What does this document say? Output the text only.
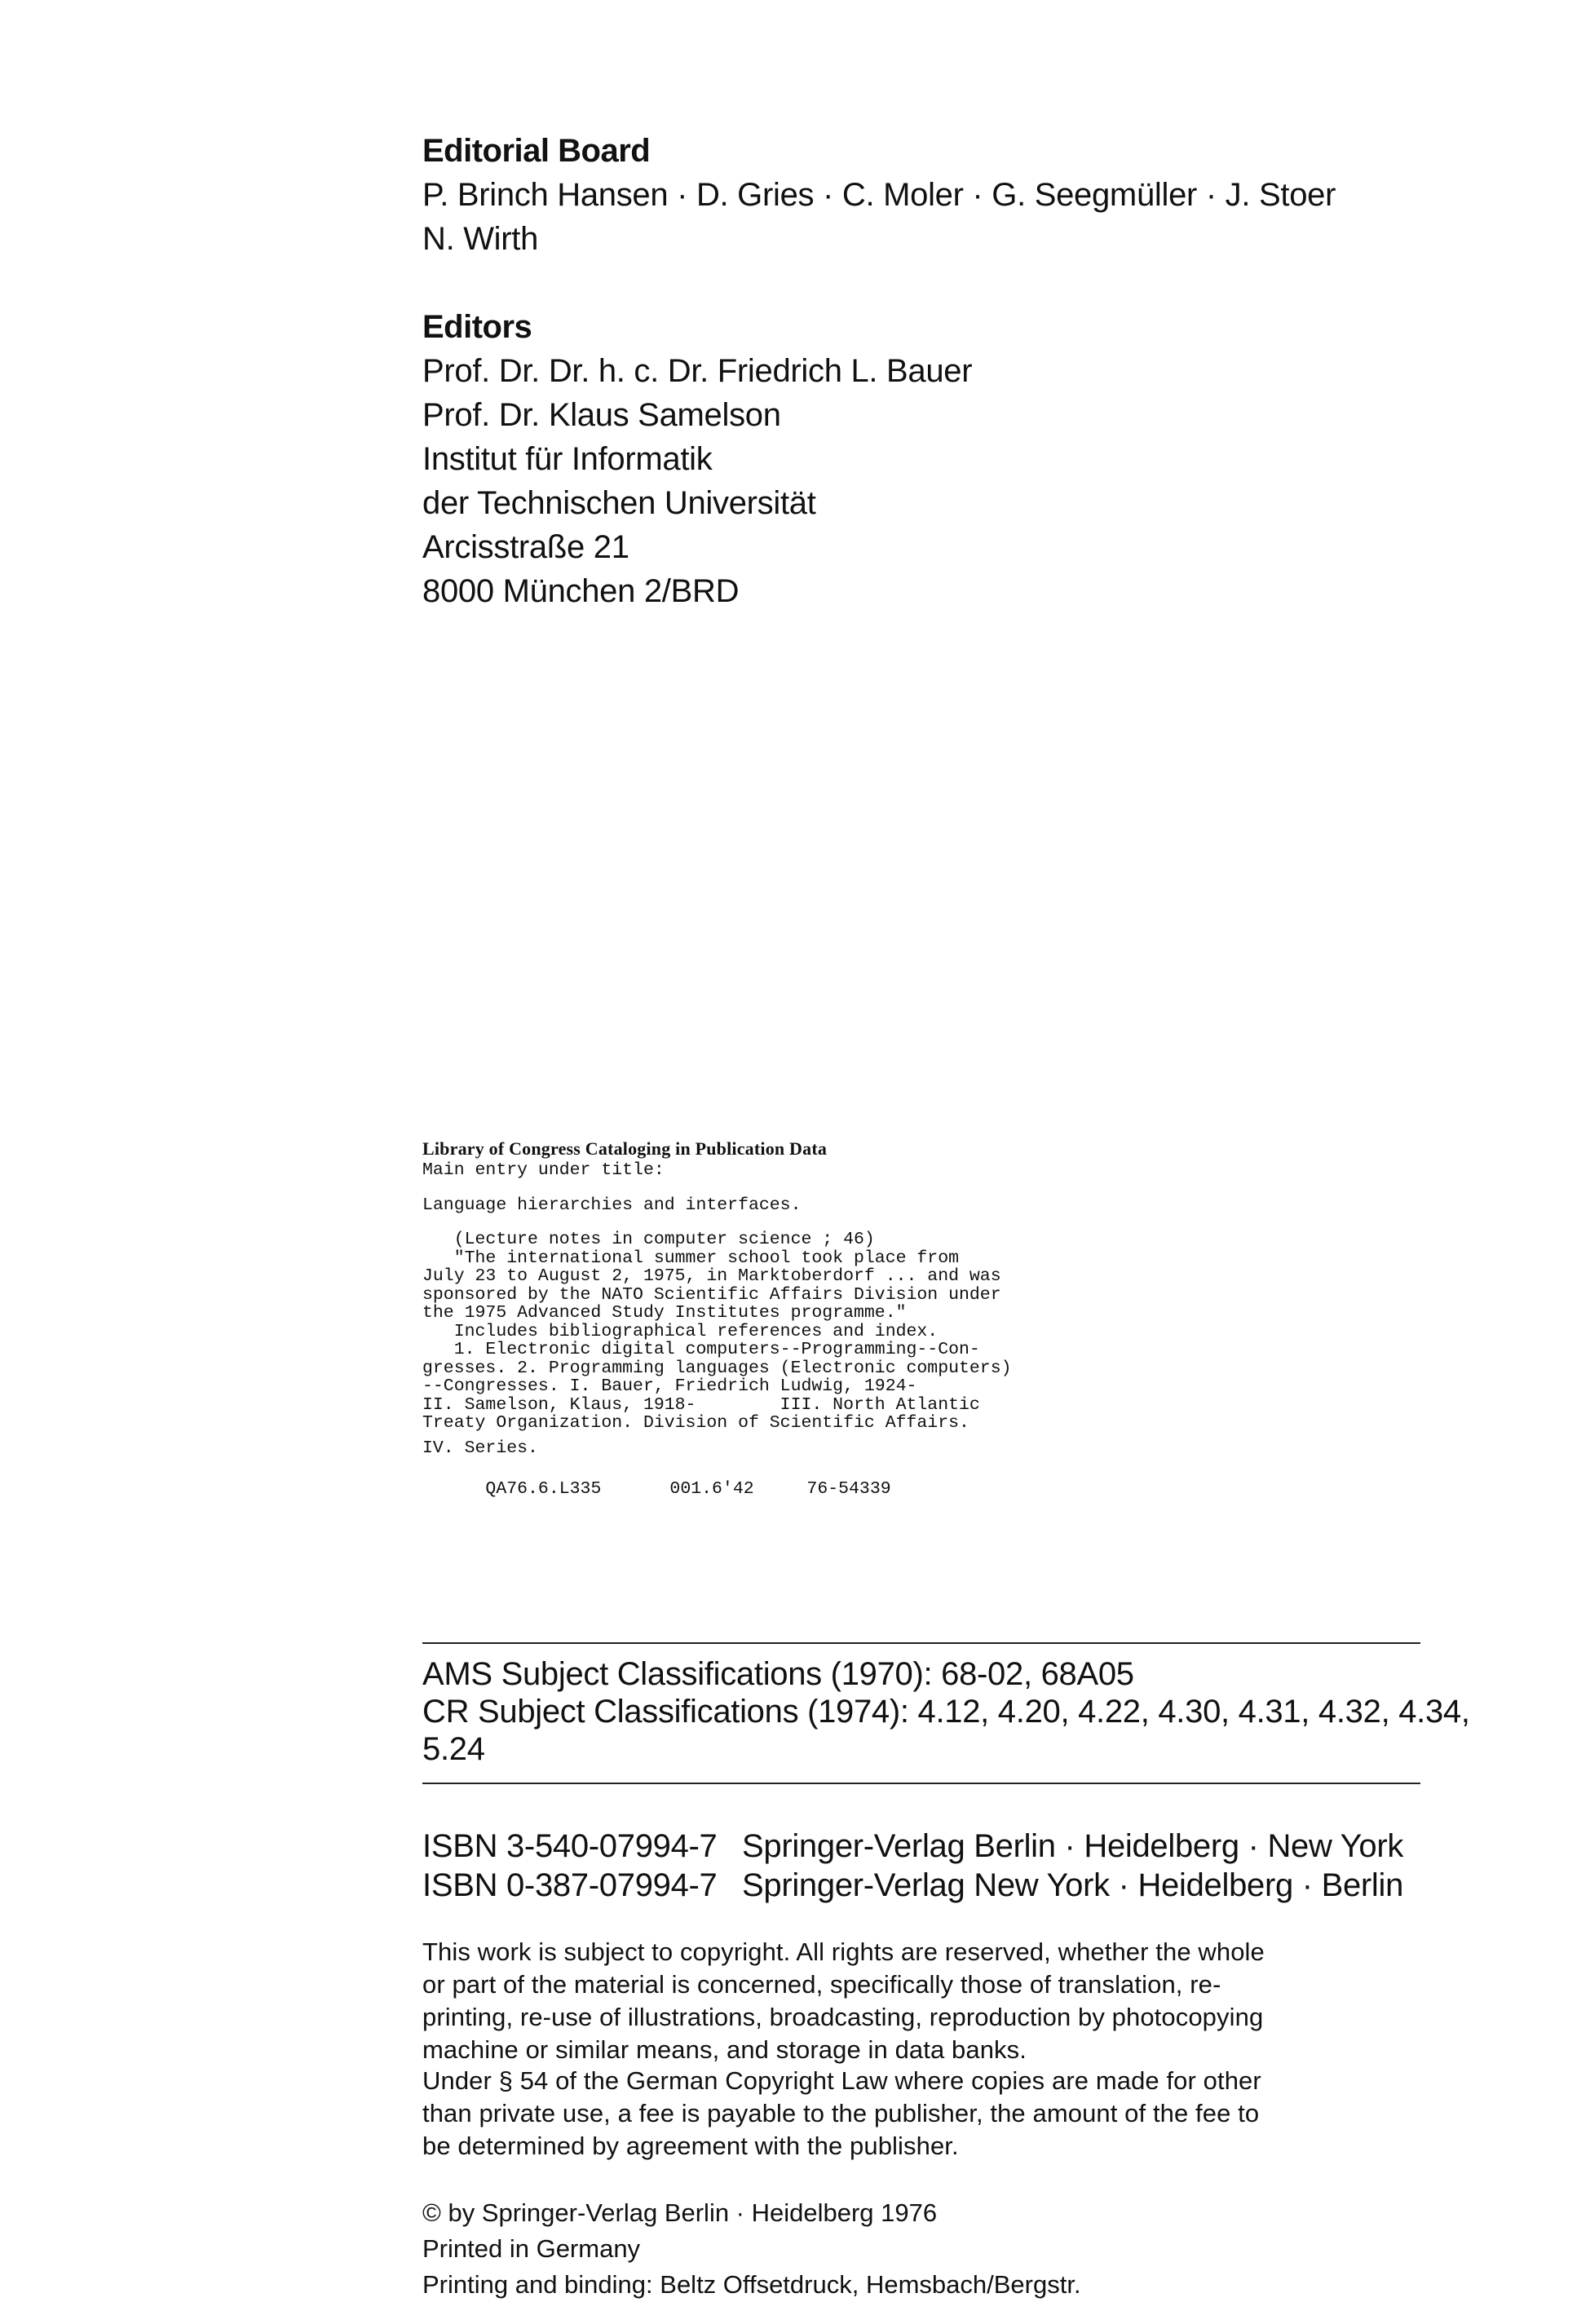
Editorial Board
P. Brinch Hansen · D. Gries · C. Moler · G. Seegmüller · J. Stoer
N. Wirth
Editors
Prof. Dr. Dr. h. c. Dr. Friedrich L. Bauer
Prof. Dr. Klaus Samelson
Institut für Informatik
der Technischen Universität
Arcisstraße 21
8000 München 2/BRD
Library of Congress Cataloging in Publication Data
Main entry under title:
Language hierarchies and interfaces.
(Lecture notes in computer science ; 46)
"The international summer school took place from
July 23 to August 2, 1975, in Marktoberdorf ... and was
sponsored by the NATO Scientific Affairs Division under
the 1975 Advanced Study Institutes programme."
Includes bibliographical references and index.
1. Electronic digital computers--Programming--Con-
gresses. 2. Programming languages (Electronic computers)
--Congresses. I. Bauer, Friedrich Ludwig, 1924-
II. Samelson, Klaus, 1918-        III. North Atlantic
Treaty Organization. Division of Scientific Affairs.
IV. Series.

QA76.6.L335	001.6'42	76-54339

AMS Subject Classifications (1970): 68-02, 68A05
CR Subject Classifications (1974): 4.12, 4.20, 4.22, 4.30, 4.31, 4.32, 4.34,
5.24
ISBN 3-540-07994-7 Springer-Verlag Berlin · Heidelberg · New York
ISBN 0-387-07994-7 Springer-Verlag New York · Heidelberg · Berlin
This work is subject to copyright. All rights are reserved, whether the whole
or part of the material is concerned, specifically those of translation, re-
printing, re-use of illustrations, broadcasting, reproduction by photocopying
machine or similar means, and storage in data banks.
Under § 54 of the German Copyright Law where copies are made for other
than private use, a fee is payable to the publisher, the amount of the fee to
be determined by agreement with the publisher.
© by Springer-Verlag Berlin · Heidelberg 1976
Printed in Germany
Printing and binding: Beltz Offsetdruck, Hemsbach/Bergstr.
